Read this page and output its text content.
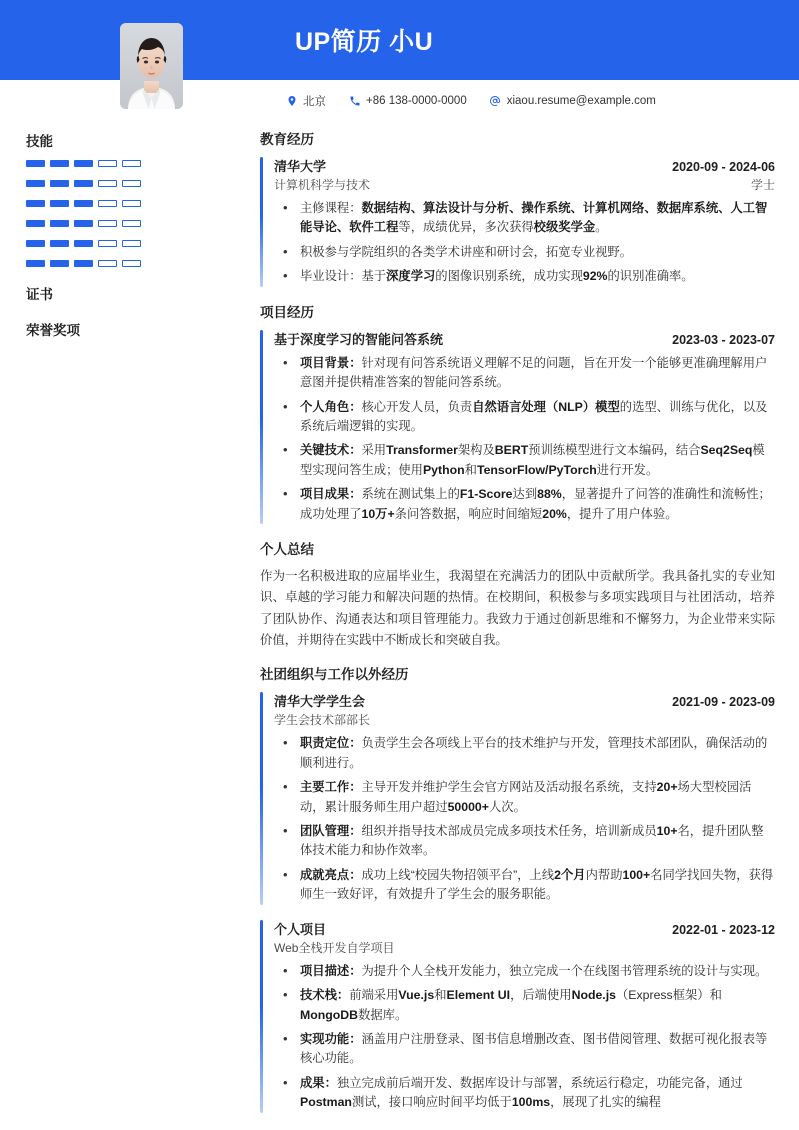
UP简历 小U
北京	+86 138-0000-0000	xiaou.resume@example.com
技能
证书
荣誉奖项
教育经历
清华大学	2020-09 - 2024-06
计算机科学与技术	学士
• 主修课程：数据结构、算法设计与分析、操作系统、计算机网络、数据库系统、人工智能导论、软件工程等，成绩优异，多次获得校级奖学金。
• 积极参与学院组织的各类学术讲座和研讨会，拓宽专业视野。
• 毕业设计：基于深度学习的图像识别系统，成功实现92%的识别准确率。
项目经历
基于深度学习的智能问答系统	2023-03 - 2023-07
• 项目背景：针对现有问答系统语义理解不足的问题，旨在开发一个能够更准确理解用户意图并提供精准答案的智能问答系统。
• 个人角色：核心开发人员，负责自然语言处理（NLP）模型的选型、训练与优化，以及系统后端逻辑的实现。
• 关键技术：采用Transformer架构及BERT预训练模型进行文本编码，结合Seq2Seq模型实现问答生成；使用Python和TensorFlow/PyTorch进行开发。
• 项目成果：系统在测试集上的F1-Score达到88%，显著提升了问答的准确性和流畅性；成功处理了10万+条问答数据，响应时间缩短20%，提升了用户体验。
个人总结
作为一名积极进取的应届毕业生，我渴望在充满活力的团队中贡献所学。我具备扎实的专业知识、卓越的学习能力和解决问题的热情。在校期间，积极参与多项实践项目与社团活动，培养了团队协作、沟通表达和项目管理能力。我致力于通过创新思维和不懈努力，为企业带来实际价值，并期待在实践中不断成长和突破自我。
社团组织与工作以外经历
清华大学学生会	2021-09 - 2023-09
学生会技术部部长
• 职责定位：负责学生会各项线上平台的技术维护与开发，管理技术部团队，确保活动的顺利进行。
• 主要工作：主导开发并维护学生会官方网站及活动报名系统，支持20+场大型校园活动，累计服务师生用户超过50000+人次。
• 团队管理：组织并指导技术部成员完成多项技术任务，培训新成员10+名，提升团队整体技术能力和协作效率。
• 成就亮点：成功上线“校园失物招领平台”，上线2个月内帮助100+名同学找回失物，获得师生一致好评，有效提升了学生会的服务职能。
个人项目	2022-01 - 2023-12
Web全栈开发自学项目
• 项目描述：为提升个人全栈开发能力，独立完成一个在线图书管理系统的设计与实现。
• 技术栈：前端采用Vue.js和Element UI，后端使用Node.js（Express框架）和MongoDB数据库。
• 实现功能：涵盖用户注册登录、图书信息增删改查、图书借阅管理、数据可视化报表等核心功能。
• 成果：独立完成前后端开发、数据库设计与部署，系统运行稳定，功能完备，通过Postman测试，接口响应时间平均低于100ms，展现了扎实的编程
